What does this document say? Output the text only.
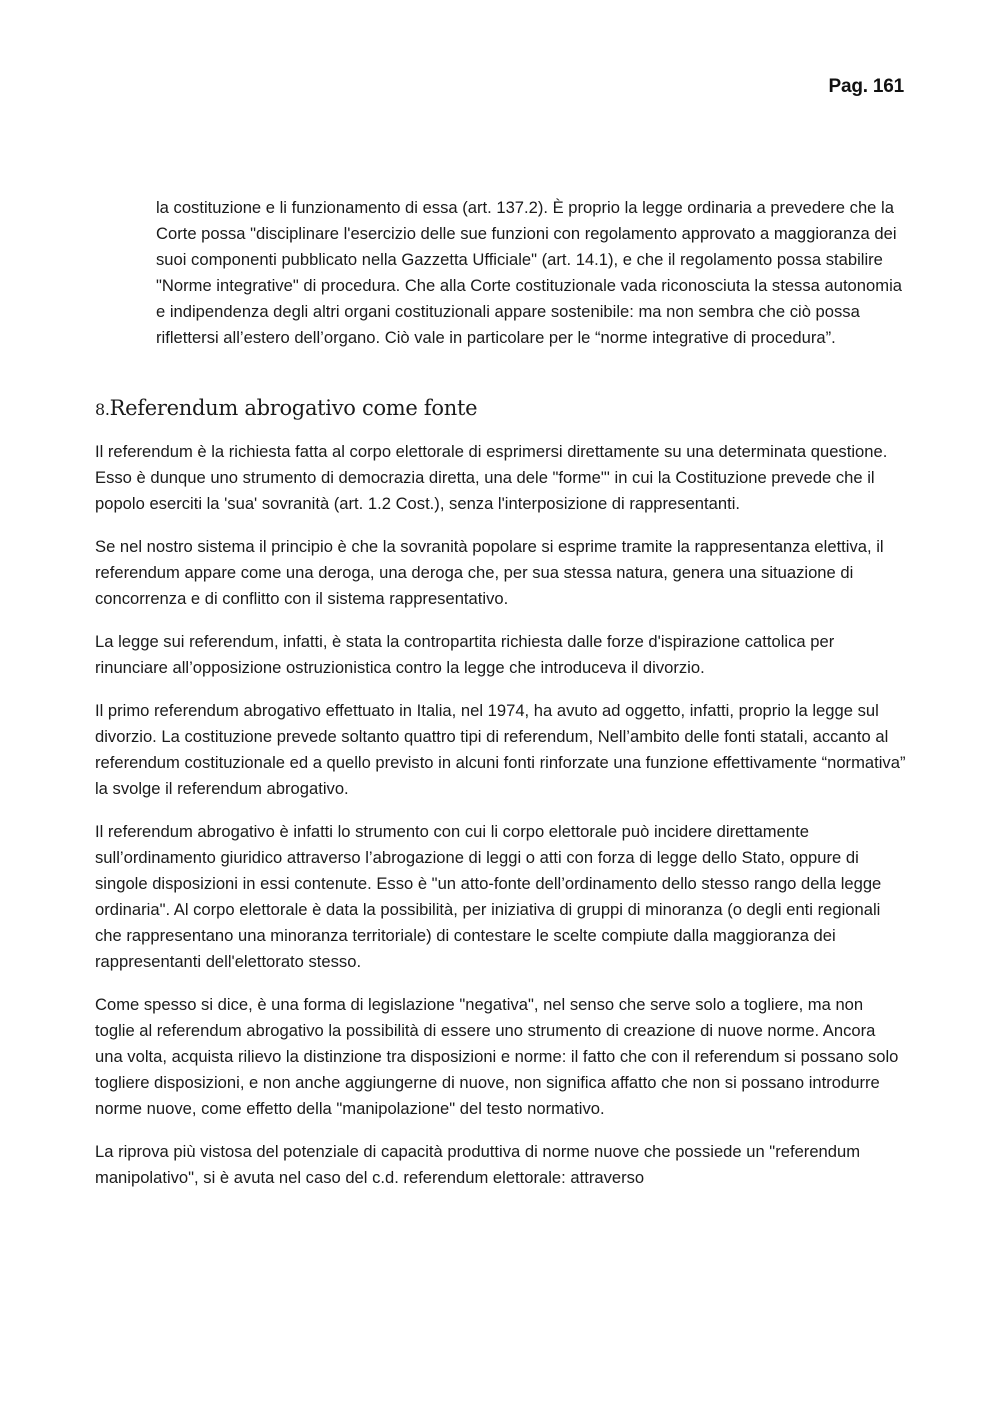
Pag. 161

la costituzione e li funzionamento di essa (art. 137.2). È proprio la legge ordinaria a prevedere che la Corte possa "disciplinare l'esercizio delle sue funzioni con regolamento approvato a maggioranza dei suoi componenti pubblicato nella Gazzetta Ufficiale" (art. 14.1), e che il regolamento possa stabilire "Norme integrative" di procedura. Che alla Corte costituzionale vada riconosciuta la stessa autonomia e indipendenza degli altri organi costituzionali appare sostenibile: ma non sembra che ciò possa riflettersi all’estero dell’organo. Ciò vale in particolare per le “norme integrative di procedura”.

8.Referendum abrogativo come fonte

Il referendum è la richiesta fatta al corpo elettorale di esprimersi direttamente su una determinata questione. Esso è dunque uno strumento di democrazia diretta, una dele "forme"' in cui la Costituzione prevede che il popolo eserciti la 'sua' sovranità (art. 1.2 Cost.), senza l'interposizione di rappresentanti.

Se nel nostro sistema il principio è che la sovranità popolare si esprime tramite la rappresentanza elettiva, il referendum appare come una deroga, una deroga che, per sua stessa natura, genera una situazione di concorrenza e di conflitto con il sistema rappresentativo.

La legge sui referendum, infatti, è stata la contropartita richiesta dalle forze d'ispirazione cattolica per rinunciare all’opposizione ostruzionistica contro la legge che introduceva il divorzio.

Il primo referendum abrogativo effettuato in Italia, nel 1974, ha avuto ad oggetto, infatti, proprio la legge sul divorzio. La costituzione prevede soltanto quattro tipi di referendum, Nell’ambito delle fonti statali, accanto al referendum costituzionale ed a quello previsto in alcuni fonti rinforzate una funzione effettivamente “normativa” la svolge il referendum abrogativo.

Il referendum abrogativo è infatti lo strumento con cui li corpo elettorale può incidere direttamente sull’ordinamento giuridico attraverso l’abrogazione di leggi o atti con forza di legge dello Stato, oppure di singole disposizioni in essi contenute. Esso è "un atto-fonte dell’ordinamento dello stesso rango della legge ordinaria". Al corpo elettorale è data la possibilità, per iniziativa di gruppi di minoranza (o degli enti regionali che rappresentano una minoranza territoriale) di contestare le scelte compiute dalla maggioranza dei rappresentanti dell'elettorato stesso.

Come spesso si dice, è una forma di legislazione "negativa", nel senso che serve solo a togliere, ma non toglie al referendum abrogativo la possibilità di essere uno strumento di creazione di nuove norme. Ancora una volta, acquista rilievo la distinzione tra disposizioni e norme: il fatto che con il referendum si possano solo togliere disposizioni, e non anche aggiungerne di nuove, non significa affatto che non si possano introdurre norme nuove, come effetto della "manipolazione" del testo normativo.

La riprova più vistosa del potenziale di capacità produttiva di norme nuove che possiede un "referendum manipolativo", si è avuta nel caso del c.d. referendum elettorale: attraverso
